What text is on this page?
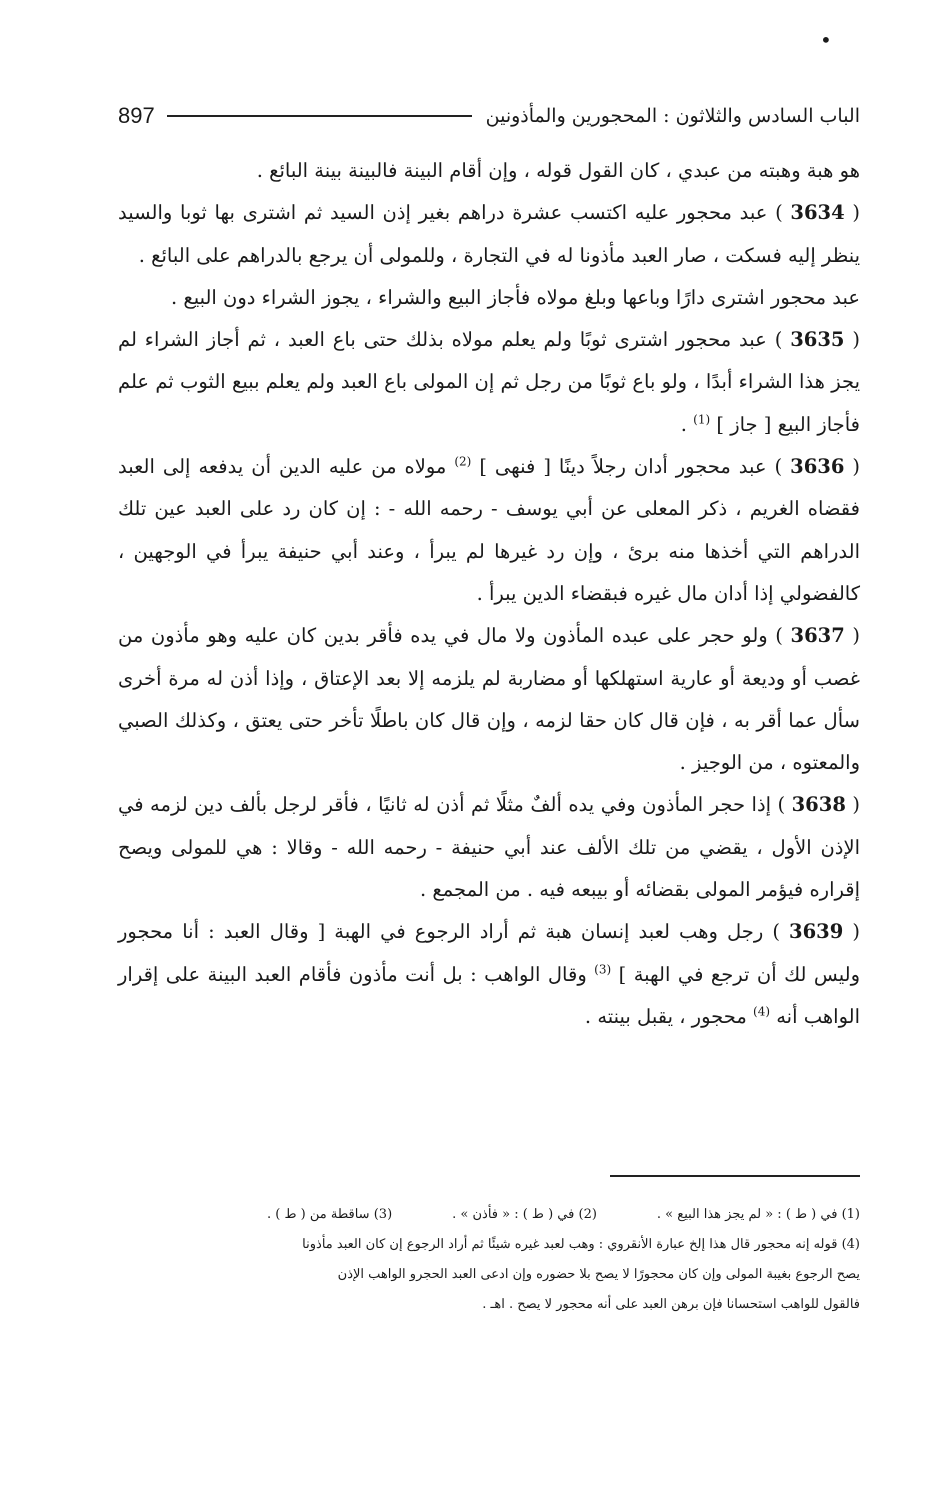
•
الباب السادس والثلاثون : المحجورين والمأذونين
897

هو هبة وهبته من عبدي ، كان القول قوله ، وإن أقام البينة فالبينة بينة البائع .

( 3634 ) عبد محجور عليه اكتسب عشرة دراهم بغير إذن السيد ثم اشترى بها ثوبا والسيد ينظر إليه فسكت ، صار العبد مأذونا له في التجارة ، وللمولى أن يرجع بالدراهم على البائع .

عبد محجور اشترى دارًا وباعها وبلغ مولاه فأجاز البيع والشراء ، يجوز الشراء دون البيع .

( 3635 ) عبد محجور اشترى ثوبًا ولم يعلم مولاه بذلك حتى باع العبد ، ثم أجاز الشراء لم يجز هذا الشراء أبدًا ، ولو باع ثوبًا من رجل ثم إن المولى باع العبد ولم يعلم ببيع الثوب ثم علم فأجاز البيع [ جاز ] $^{(1)}$ .

( 3636 ) عبد محجور أدان رجلاً دينًا [ فنهى ] $^{(2)}$ مولاه من عليه الدين أن يدفعه إلى العبد فقضاه الغريم ، ذكر المعلى عن أبي يوسف - رحمه الله - : إن كان رد على العبد عين تلك الدراهم التي أخذها منه برئ ، وإن رد غيرها لم يبرأ ، وعند أبي حنيفة يبرأ في الوجهين ، كالفضولي إذا أدان مال غيره فبقضاء الدين يبرأ .

( 3637 ) ولو حجر على عبده المأذون ولا مال في يده فأقر بدين كان عليه وهو مأذون من غصب أو وديعة أو عارية استهلكها أو مضاربة لم يلزمه إلا بعد الإعتاق ، وإذا أذن له مرة أخرى سأل عما أقر به ، فإن قال كان حقا لزمه ، وإن قال كان باطلًا تأخر حتى يعتق ، وكذلك الصبي والمعتوه ، من الوجيز .

( 3638 ) إذا حجر المأذون وفي يده ألفٌ مثلًا ثم أذن له ثانيًا ، فأقر لرجل بألف دين لزمه في الإذن الأول ، يقضي من تلك الألف عند أبي حنيفة - رحمه الله - وقالا : هي للمولى ويصح إقراره فيؤمر المولى بقضائه أو بيبعه فيه . من المجمع .

( 3639 ) رجل وهب لعبد إنسان هبة ثم أراد الرجوع في الهبة [ وقال العبد : أنا محجور وليس لك أن ترجع في الهبة ] $^{(3)}$ وقال الواهب : بل أنت مأذون فأقام العبد البينة على إقرار الواهب أنه $^{(4)}$ محجور ، يقبل بينته .

(1) في ( ط ) : « لم يجز هذا البيع » .
(2) في ( ط ) : « فأذن » .
(3) ساقطة من ( ط ) .

(4) قوله إنه محجور قال هذا إلخ عبارة الأنقروي : وهب لعبد غيره شيئًا ثم أراد الرجوع إن كان العبد مأذونا

يصح الرجوع بغيبة المولى وإن كان محجورًا لا يصح بلا حضوره وإن ادعى العبد الحجرو الواهب الإذن

فالقول للواهب استحسانا فإن برهن العبد على أنه محجور لا يصح . اهـ .
